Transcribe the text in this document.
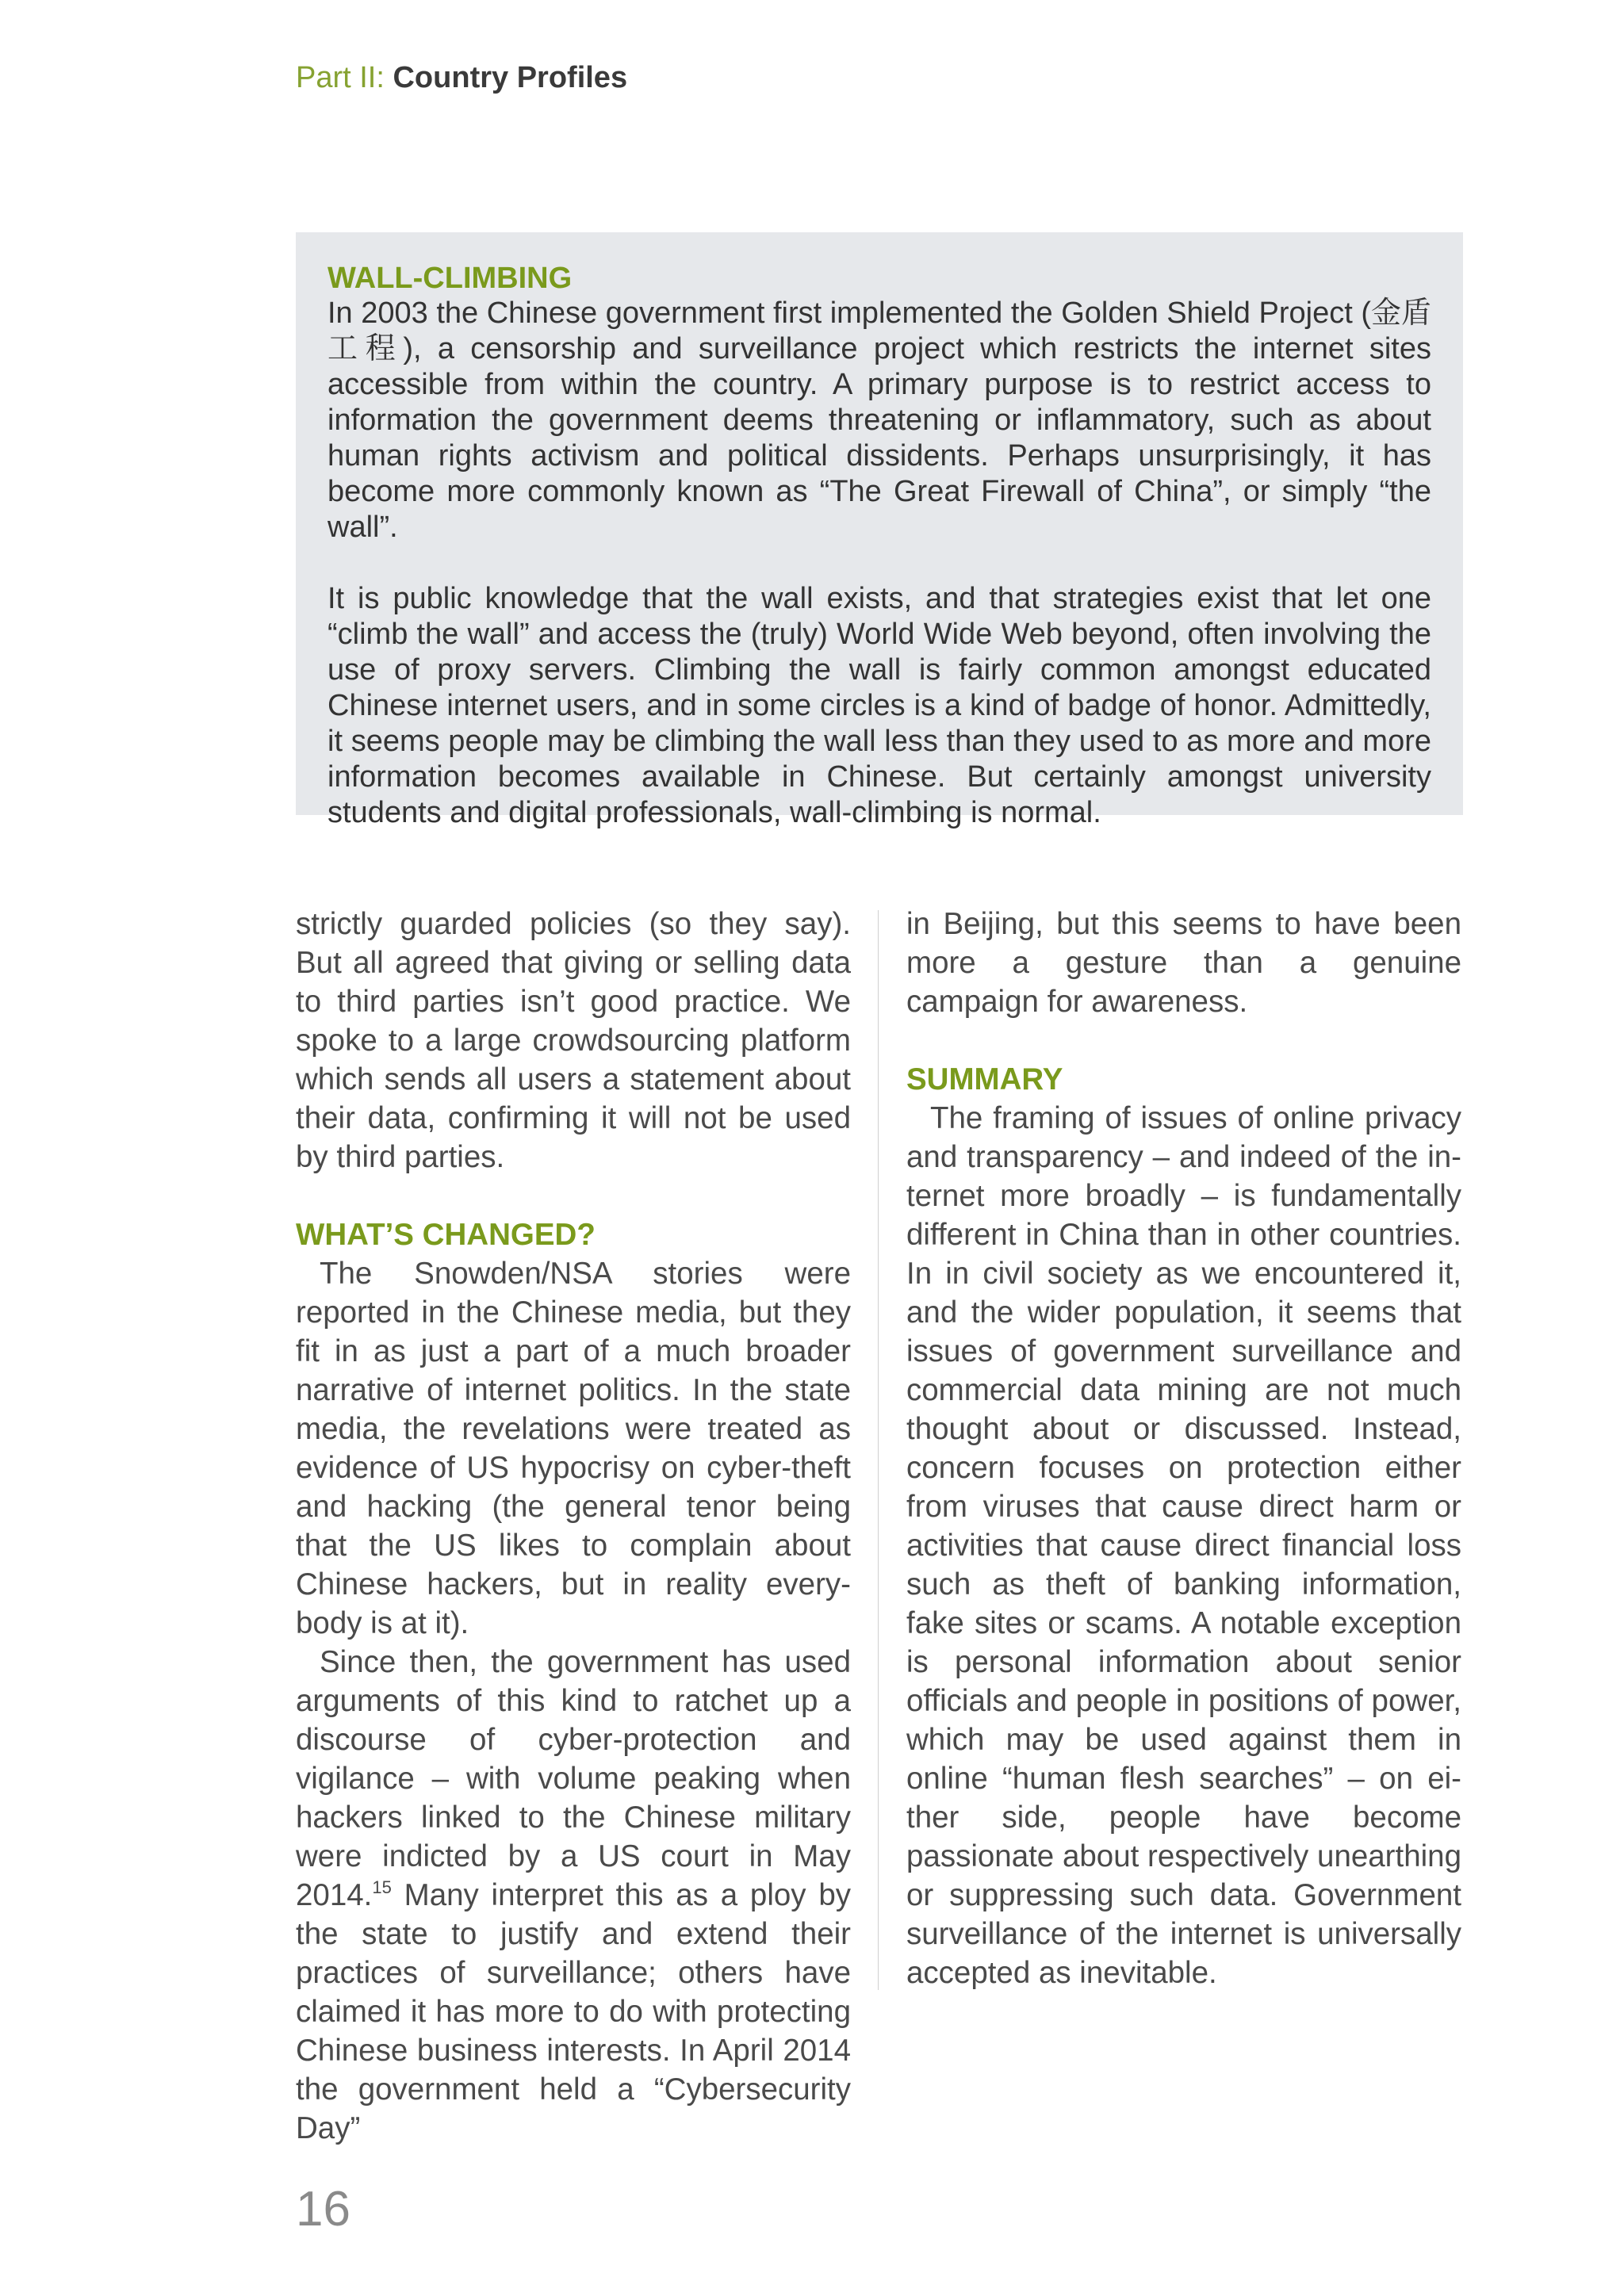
Part II: Country Profiles
WALL-CLIMBING

In 2003 the Chinese government first implemented the Golden Shield Project (金盾工程), a censorship and surveillance project which restricts the internet sites accessible from within the country. A primary purpose is to restrict access to information the government deems threatening or inflammatory, such as about human rights activism and political dissidents. Perhaps unsurprisingly, it has become more commonly known as “The Great Firewall of China”, or simply “the wall”.

It is public knowledge that the wall exists, and that strategies exist that let one “climb the wall” and access the (truly) World Wide Web beyond, often involving the use of proxy servers. Climbing the wall is fairly common amongst educated Chinese internet users, and in some circles is a kind of badge of honor. Admittedly, it seems people may be climbing the wall less than they used to as more and more information becomes available in Chinese. But certainly amongst university students and digital professionals, wall-climbing is normal.

strictly guarded policies (so they say). But all agreed that giving or selling data to third parties isn’t good practice. We spoke to a large crowdsourcing platform which sends all users a statement about their data, confirming it will not be used by third parties.

WHAT’S CHANGED?

The Snowden/NSA stories were reported in the Chinese media, but they fit in as just a part of a much broader narrative of internet politics. In the state media, the revelations were treated as evidence of US hypocrisy on cyber-theft and hacking (the general tenor being that the US likes to complain about Chinese hackers, but in reality everybody is at it).

Since then, the government has used arguments of this kind to ratchet up a discourse of cyber-protection and vigilance – with volume peaking when hackers linked to the Chinese military were indicted by a US court in May 2014.15 Many interpret this as a ploy by the state to justify and extend their practices of surveillance; others have claimed it has more to do with protecting Chinese business interests. In April 2014 the government held a “Cybersecurity Day”

in Beijing, but this seems to have been more a gesture than a genuine campaign for awareness.

SUMMARY

The framing of issues of online privacy and transparency – and indeed of the internet more broadly – is fundamentally different in China than in other countries. In in civil society as we encountered it, and the wider population, it seems that issues of government surveillance and commercial data mining are not much thought about or discussed. Instead, concern focuses on protection either from viruses that cause direct harm or activities that cause direct financial loss such as theft of banking information, fake sites or scams. A notable exception is personal information about senior officials and people in positions of power, which may be used against them in online “human flesh searches” – on either side, people have become passionate about respectively unearthing or suppressing such data. Government surveillance of the internet is universally accepted as inevitable.

16
